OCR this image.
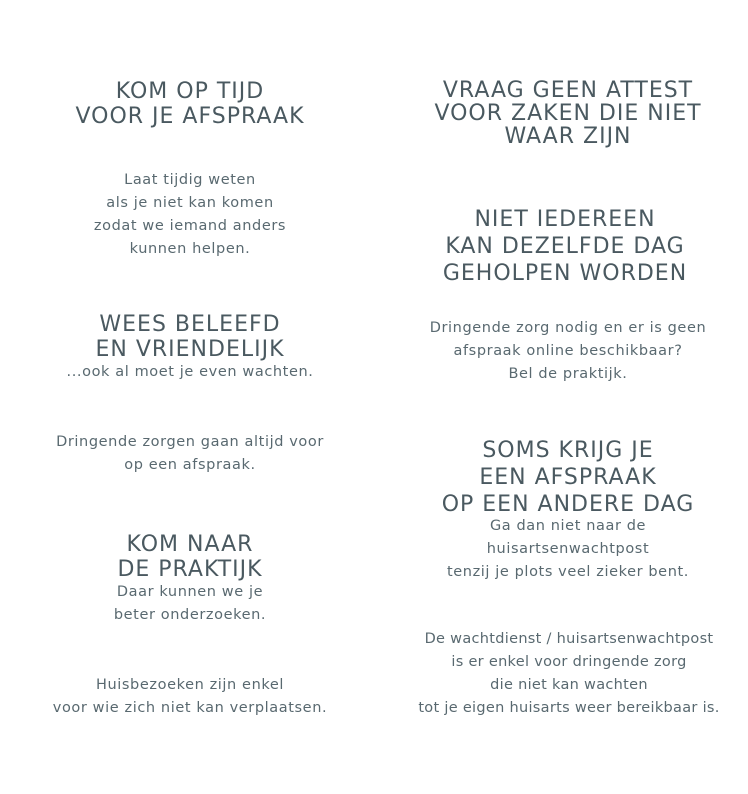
KOM OP TIJD
VOOR JE AFSPRAAK
Laat tijdig weten
als je niet kan komen
zodat we iemand anders
kunnen helpen.
WEES BELEEFD
EN VRIENDELIJK
...ook al moet je even wachten.
Dringende zorgen gaan altijd voor
op een afspraak.
KOM NAAR
DE PRAKTIJK
Daar kunnen we je
beter onderzoeken.
Huisbezoeken zijn enkel
voor wie zich niet kan verplaatsen.
VRAAG GEEN ATTEST
VOOR ZAKEN DIE NIET
WAAR ZIJN
NIET IEDEREEN
KAN DEZELFDE DAG
GEHOLPEN WORDEN
Dringende zorg nodig en er is geen
afspraak online beschikbaar?
Bel de praktijk.
SOMS KRIJG JE
EEN AFSPRAAK
OP EEN ANDERE DAG
Ga dan niet naar de
huisartsenwachtpost
tenzij je plots veel zieker bent.
De wachtdienst / huisartsenwachtpost
is er enkel voor dringende zorg
die niet kan wachten
tot je eigen huisarts weer bereikbaar is.
